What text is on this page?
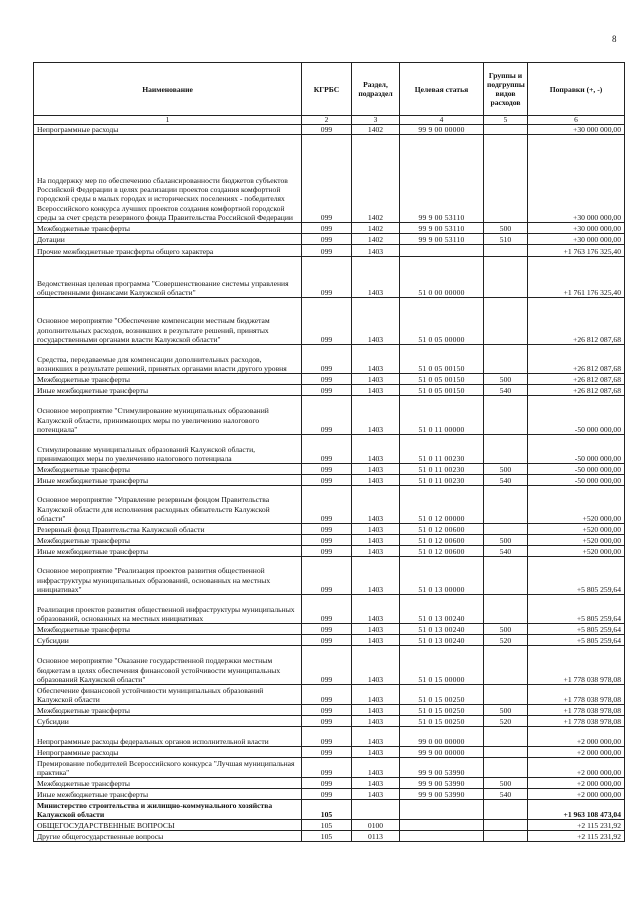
8
Наименование	КГРБС	Раздел, подраздел	Целевая статья	Группы и подгруппы видов расходов	Поправки (+, -)
1	2	3	4	5	6
Непрограммные расходы	099	1402	99 9 00 00000		+30 000 000,00
На поддержку мер по обеспечению сбалансированности бюджетов субъектов Российской Федерации в целях реализации проектов создания комфортной городской среды в малых городах и исторических поселениях - победителях Всероссийского конкурса лучших проектов создания комфортной городской среды за счет средств резервного фонда Правительства Российской Федерации	099	1402	99 9 00 53110		+30 000 000,00
Межбюджетные трансферты	099	1402	99 9 00 53110	500	+30 000 000,00
Дотации	099	1402	99 9 00 53110	510	+30 000 000,00
Прочие межбюджетные трансферты общего характера	099	1403			+1 763 176 325,40
Ведомственная целевая программа "Совершенствование системы управления общественными финансами Калужской области"	099	1403	51 0 00 00000		+1 761 176 325,40
Основное мероприятие "Обеспечение компенсации местным бюджетам дополнительных расходов, возникших в результате решений, принятых государственными органами власти Калужской области"	099	1403	51 0 05 00000		+26 812 087,68
Средства, передаваемые для компенсации дополнительных расходов, возникших в результате решений, принятых органами власти другого уровня	099	1403	51 0 05 00150		+26 812 087,68
Межбюджетные трансферты	099	1403	51 0 05 00150	500	+26 812 087,68
Иные межбюджетные трансферты	099	1403	51 0 05 00150	540	+26 812 087,68
Основное мероприятие "Стимулирование муниципальных образований Калужской области, принимающих меры по увеличению налогового потенциала"	099	1403	51 0 11 00000		-50 000 000,00
Стимулирование муниципальных образований Калужской области, принимающих меры по увеличению налогового потенциала	099	1403	51 0 11 00230		-50 000 000,00
Межбюджетные трансферты	099	1403	51 0 11 00230	500	-50 000 000,00
Иные межбюджетные трансферты	099	1403	51 0 11 00230	540	-50 000 000,00
Основное мероприятие "Управление резервным фондом Правительства Калужской области для исполнения расходных обязательств Калужской области"	099	1403	51 0 12 00000		+520 000,00
Резервный фонд Правительства Калужской области	099	1403	51 0 12 00600		+520 000,00
Межбюджетные трансферты	099	1403	51 0 12 00600	500	+520 000,00
Иные межбюджетные трансферты	099	1403	51 0 12 00600	540	+520 000,00
Основное мероприятие "Реализация проектов развития общественной инфраструктуры муниципальных образований, основанных на местных инициативах"	099	1403	51 0 13 00000		+5 805 259,64
Реализация проектов развития общественной инфраструктуры муниципальных образований, основанных на местных инициативах	099	1403	51 0 13 00240		+5 805 259,64
Межбюджетные трансферты	099	1403	51 0 13 00240	500	+5 805 259,64
Субсидии	099	1403	51 0 13 00240	520	+5 805 259,64
Основное мероприятие "Оказание государственной поддержки местным бюджетам в целях обеспечения финансовой устойчивости муниципальных образований Калужской области"	099	1403	51 0 15 00000		+1 778 038 978,08
Обеспечение финансовой устойчивости муниципальных образований Калужской области	099	1403	51 0 15 00250		+1 778 038 978,08
Межбюджетные трансферты	099	1403	51 0 15 00250	500	+1 778 038 978,08
Субсидии	099	1403	51 0 15 00250	520	+1 778 038 978,08
Непрограммные расходы федеральных органов исполнительной власти	099	1403	99 0 00 00000		+2 000 000,00
Непрограммные расходы	099	1403	99 9 00 00000		+2 000 000,00
Премирование победителей Всероссийского конкурса "Лучшая муниципальная практика"	099	1403	99 9 00 53990		+2 000 000,00
Межбюджетные трансферты	099	1403	99 9 00 53990	500	+2 000 000,00
Иные межбюджетные трансферты	099	1403	99 9 00 53990	540	+2 000 000,00
Министерство строительства и жилищно-коммунального хозяйства Калужской области	105				+1 963 108 473,04
ОБЩЕГОСУДАРСТВЕННЫЕ ВОПРОСЫ	105	0100			+2 115 231,92
Другие общегосударственные вопросы	105	0113			+2 115 231,92
